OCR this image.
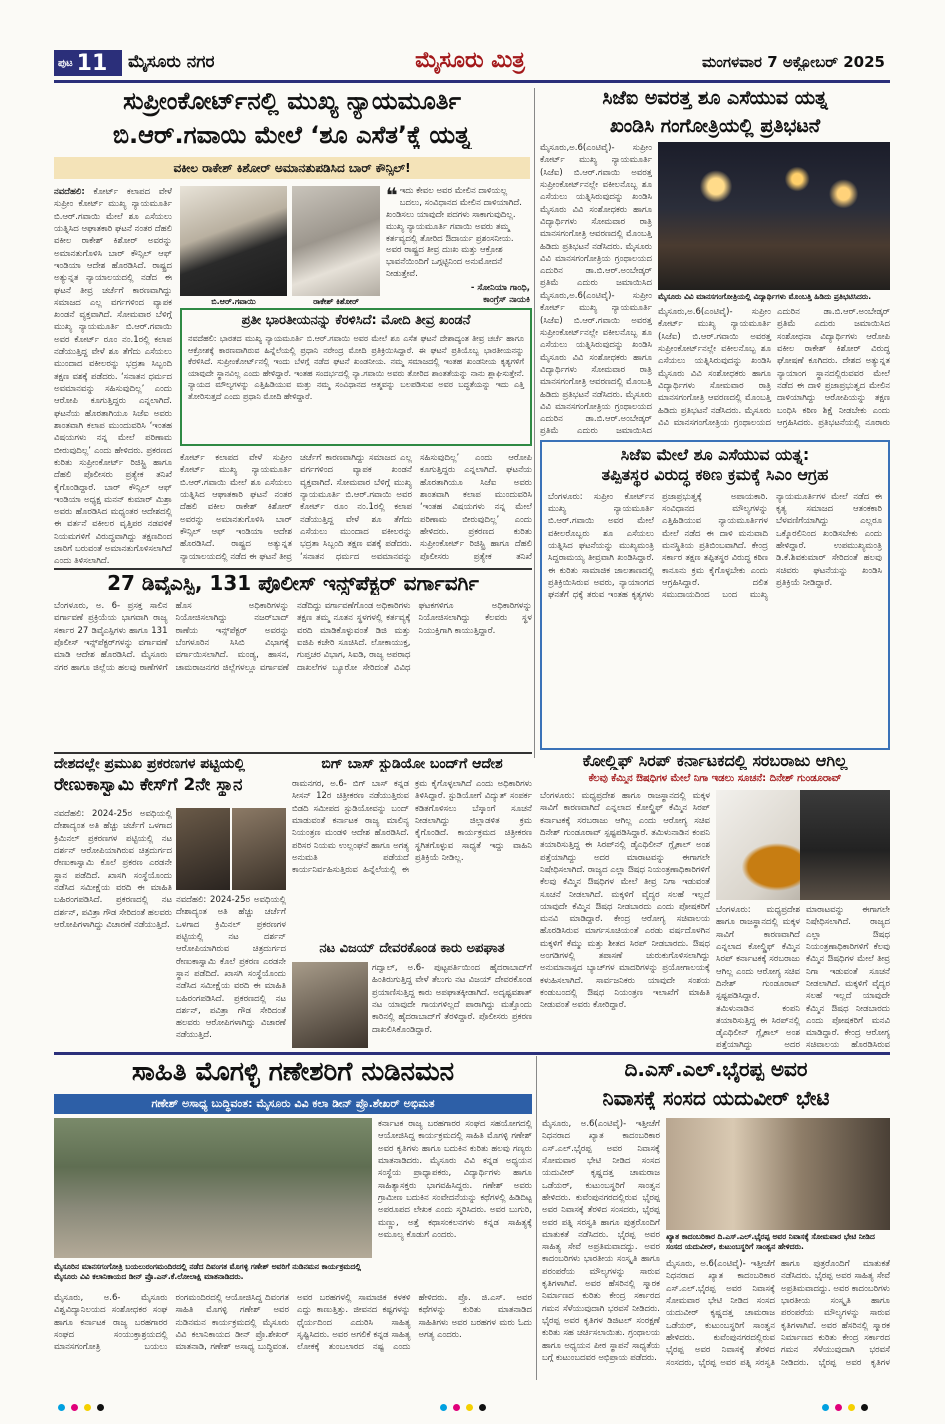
ಪುಟ 11 ಮೈಸೂರು ನಗರ	ಮೈಸೂರು ಮಿತ್ರ	ಮಂಗಳವಾರ 7 ಅಕ್ಟೋಬರ್ 2025
ಸುಪ್ರೀಂಕೋರ್ಟ್‌ನಲ್ಲಿ ಮುಖ್ಯ ನ್ಯಾಯಮೂರ್ತಿ
ಬಿ.ಆರ್.ಗವಾಯಿ ಮೇಲೆ ‘ಶೂ ಎಸೆತ’ಕ್ಕೆ ಯತ್ನ
ವಕೀಲ ರಾಕೇಶ್ ಕಿಶೋರ್ ಅಮಾನತುಪಡಿಸಿದ ಬಾರ್ ಕೌನ್ಸಿಲ್!
ನವದೆಹಲಿ: ಕೋರ್ಟ್ ಕಲಾಪದ ವೇಳೆ ಸುಪ್ರೀಂ ಕೋರ್ಟ್ ಮುಖ್ಯ ನ್ಯಾಯಮೂರ್ತಿ ಬಿ.ಆರ್.ಗವಾಯಿ ಮೇಲೆ ಶೂ ಎಸೆಯಲು ಯತ್ನಿಸಿದ ಆಘಾತಕಾರಿ ಘಟನೆ ನಂತರ ದೆಹಲಿ ವಕೀಲ ರಾಕೇಶ್ ಕಿಶೋರ್ ಅವರನ್ನು ಅಮಾನತುಗೊಳಿಸಿ ಬಾರ್ ಕೌನ್ಸಿಲ್ ಆಫ್ ಇಂಡಿಯಾ ಆದೇಶ ಹೊರಡಿಸಿದೆ. ರಾಷ್ಟ್ರದ ಅತ್ಯುನ್ನತ ನ್ಯಾಯಾಲಯದಲ್ಲಿ ನಡೆದ ಈ ಘಟನೆ ತೀವ್ರ ಚರ್ಚೆಗೆ ಕಾರಣವಾಗಿದ್ದು ಸಮಾಜದ ಎಲ್ಲ ವರ್ಗಗಳಿಂದ ವ್ಯಾಪಕ ಖಂಡನೆ ವ್ಯಕ್ತವಾಗಿದೆ. ಸೋಮವಾರ ಬೆಳಿಗ್ಗೆ ಮುಖ್ಯ ನ್ಯಾಯಮೂರ್ತಿ ಬಿ.ಆರ್.ಗವಾಯಿ ಅವರ ಕೋರ್ಟ್ ರೂಂ ನಂ.1ರಲ್ಲಿ ಕಲಾಪ ನಡೆಯುತ್ತಿದ್ದ ವೇಳೆ ಶೂ ತೆಗೆದು ಎಸೆಯಲು ಮುಂದಾದ ವಕೀಲರನ್ನು ಭದ್ರತಾ ಸಿಬ್ಬಂದಿ ತಕ್ಷಣ ವಶಕ್ಕೆ ಪಡೆದರು. ‘ಸನಾತನ ಧರ್ಮದ ಅವಮಾನವನ್ನು ಸಹಿಸುವುದಿಲ್ಲ’ ಎಂದು ಆರೋಪಿ ಕೂಗುತ್ತಿದ್ದರು ಎನ್ನಲಾಗಿದೆ. ಘಟನೆಯ ಹೊರತಾಗಿಯೂ ಸಿಜೆಐ ಅವರು ಶಾಂತವಾಗಿ ಕಲಾಪ ಮುಂದುವರಿಸಿ ‘ಇಂತಹ ವಿಷಯಗಳು ನನ್ನ ಮೇಲೆ ಪರಿಣಾಮ ಬೀರುವುದಿಲ್ಲ’ ಎಂದು ಹೇಳಿದರು. ಪ್ರಕರಣದ ಕುರಿತು ಸುಪ್ರೀಂಕೋರ್ಟ್ ರಿಜಿಸ್ಟ್ರಿ ಹಾಗೂ ದೆಹಲಿ ಪೊಲೀಸರು ಪ್ರತ್ಯೇಕ ತನಿಖೆ ಕೈಗೊಂಡಿದ್ದಾರೆ. ಬಾರ್ ಕೌನ್ಸಿಲ್ ಆಫ್ ಇಂಡಿಯಾ ಅಧ್ಯಕ್ಷ ಮನನ್ ಕುಮಾರ್ ಮಿಶ್ರಾ ಅವರು ಹೊರಡಿಸಿದ ಮಧ್ಯಂತರ ಆದೇಶದಲ್ಲಿ ಈ ವರ್ತನೆ ವಕೀಲರ ವೃತ್ತಿಪರ ನಡವಳಿಕೆ ನಿಯಮಗಳಿಗೆ ವಿರುದ್ಧವಾಗಿದ್ದು ತಕ್ಷಣದಿಂದ ಜಾರಿಗೆ ಬರುವಂತೆ ಅಮಾನತುಗೊಳಿಸಲಾಗಿದೆ ಎಂದು ತಿಳಿಸಲಾಗಿದೆ.
ಬಿ.ಆರ್.ಗವಾಯಿ	ರಾಕೇಶ್ ಕಿಶೋರ್
❝ ಇದು ಕೇವಲ ಅವರ ಮೇಲಿನ ದಾಳಿಯಲ್ಲ ಬದಲು, ಸಂವಿಧಾನದ ಮೇಲಿನ ದಾಳಿಯಾಗಿದೆ. ಖಂಡಿಸಲು ಯಾವುದೇ ಪದಗಳು ಸಾಕಾಗುವುದಿಲ್ಲ. ಮುಖ್ಯ ನ್ಯಾಯಮೂರ್ತಿ ಗವಾಯಿ ಅವರು ತಮ್ಮ ಕರ್ತವ್ಯದಲ್ಲಿ ತೋರಿದ ಔದಾರ್ಯ ಪ್ರಶಂಸನೀಯ. ಅವರ ರಾಷ್ಟ್ರದ ತೀವ್ರ ದುಃಖ ಮತ್ತು ಆಕ್ರೋಶ ಭಾವನೆಯಿಂದಿಗೆ ಒಗ್ಗಟ್ಟಿನಿಂದ ಅನುಮೋದನೆ ನೀಡುತ್ತೇವೆ.
- ಸೋನಿಯಾ ಗಾಂಧಿ,
ಕಾಂಗ್ರೆಸ್ ನಾಯಕಿ
ಪ್ರತೀ ಭಾರತೀಯನನ್ನು ಕೆರಳಿಸಿದೆ: ಮೋದಿ ತೀವ್ರ ಖಂಡನೆ
ನವದೆಹಲಿ: ಭಾರತದ ಮುಖ್ಯ ನ್ಯಾಯಮೂರ್ತಿ ಬಿ.ಆರ್.ಗವಾಯಿ ಅವರ ಮೇಲೆ ಶೂ ಎಸೆತ ಘಟನೆ ದೇಶಾದ್ಯಂತ ತೀವ್ರ ಚರ್ಚೆ ಹಾಗೂ ಆಕ್ರೋಶಕ್ಕೆ ಕಾರಣವಾಗಿರುವ ಹಿನ್ನೆಲೆಯಲ್ಲಿ ಪ್ರಧಾನಿ ನರೇಂದ್ರ ಮೋದಿ ಪ್ರತಿಕ್ರಿಯಿಸಿದ್ದಾರೆ. ಈ ಘಟನೆ ಪ್ರತಿಯೊಬ್ಬ ಭಾರತೀಯನನ್ನು ಕೆರಳಿಸಿದೆ. ಸುಪ್ರೀಂಕೋರ್ಟ್‌ನಲ್ಲಿ ಇಂದು ಬೆಳಗ್ಗೆ ನಡೆದ ಘಟನೆ ಖಂಡನೀಯ. ನಮ್ಮ ಸಮಾಜದಲ್ಲಿ ಇಂತಹ ಖಂಡನೀಯ ಕೃತ್ಯಗಳಿಗೆ ಯಾವುದೇ ಸ್ಥಾನವಿಲ್ಲ ಎಂದು ಹೇಳಿದ್ದಾರೆ. ಇಂತಹ ಸಂದರ್ಭದಲ್ಲಿ ನ್ಯಾ.ಗವಾಯಿ ಅವರು ತೋರಿದ ಶಾಂತತೆಯನ್ನು ನಾನು ಶ್ಲಾಘಿಸುತ್ತೇನೆ. ನ್ಯಾಯದ ಮೌಲ್ಯಗಳನ್ನು ಎತ್ತಿಹಿಡಿಯುವ ಮತ್ತು ನಮ್ಮ ಸಂವಿಧಾನದ ಆತ್ಮವನ್ನು ಬಲಪಡಿಸುವ ಅವರ ಬದ್ಧತೆಯನ್ನು ಇದು ಎತ್ತಿ ತೋರಿಸುತ್ತದೆ ಎಂದು ಪ್ರಧಾನಿ ಮೋದಿ ಹೇಳಿದ್ದಾರೆ.
ಕೋರ್ಟ್ ಕಲಾಪದ ವೇಳೆ ಸುಪ್ರೀಂ ಕೋರ್ಟ್ ಮುಖ್ಯ ನ್ಯಾಯಮೂರ್ತಿ ಬಿ.ಆರ್.ಗವಾಯಿ ಮೇಲೆ ಶೂ ಎಸೆಯಲು ಯತ್ನಿಸಿದ ಆಘಾತಕಾರಿ ಘಟನೆ ನಂತರ ದೆಹಲಿ ವಕೀಲ ರಾಕೇಶ್ ಕಿಶೋರ್ ಅವರನ್ನು ಅಮಾನತುಗೊಳಿಸಿ ಬಾರ್ ಕೌನ್ಸಿಲ್ ಆಫ್ ಇಂಡಿಯಾ ಆದೇಶ ಹೊರಡಿಸಿದೆ. ರಾಷ್ಟ್ರದ ಅತ್ಯುನ್ನತ ನ್ಯಾಯಾಲಯದಲ್ಲಿ ನಡೆದ ಈ ಘಟನೆ ತೀವ್ರ ಚರ್ಚೆಗೆ ಕಾರಣವಾಗಿದ್ದು ಸಮಾಜದ ಎಲ್ಲ ವರ್ಗಗಳಿಂದ ವ್ಯಾಪಕ ಖಂಡನೆ ವ್ಯಕ್ತವಾಗಿದೆ. ಸೋಮವಾರ ಬೆಳಿಗ್ಗೆ ಮುಖ್ಯ ನ್ಯಾಯಮೂರ್ತಿ ಬಿ.ಆರ್.ಗವಾಯಿ ಅವರ ಕೋರ್ಟ್ ರೂಂ ನಂ.1ರಲ್ಲಿ ಕಲಾಪ ನಡೆಯುತ್ತಿದ್ದ ವೇಳೆ ಶೂ ತೆಗೆದು ಎಸೆಯಲು ಮುಂದಾದ ವಕೀಲರನ್ನು ಭದ್ರತಾ ಸಿಬ್ಬಂದಿ ತಕ್ಷಣ ವಶಕ್ಕೆ ಪಡೆದರು. ‘ಸನಾತನ ಧರ್ಮದ ಅವಮಾನವನ್ನು ಸಹಿಸುವುದಿಲ್ಲ’ ಎಂದು ಆರೋಪಿ ಕೂಗುತ್ತಿದ್ದರು ಎನ್ನಲಾಗಿದೆ. ಘಟನೆಯ ಹೊರತಾಗಿಯೂ ಸಿಜೆಐ ಅವರು ಶಾಂತವಾಗಿ ಕಲಾಪ ಮುಂದುವರಿಸಿ ‘ಇಂತಹ ವಿಷಯಗಳು ನನ್ನ ಮೇಲೆ ಪರಿಣಾಮ ಬೀರುವುದಿಲ್ಲ’ ಎಂದು ಹೇಳಿದರು. ಪ್ರಕರಣದ ಕುರಿತು ಸುಪ್ರೀಂಕೋರ್ಟ್ ರಿಜಿಸ್ಟ್ರಿ ಹಾಗೂ ದೆಹಲಿ ಪೊಲೀಸರು ಪ್ರತ್ಯೇಕ ತನಿಖೆ
ಸಿಜೆಐ ಅವರತ್ತ ಶೂ ಎಸೆಯುವ ಯತ್ನ
ಖಂಡಿಸಿ ಗಂಗೋತ್ರಿಯಲ್ಲಿ ಪ್ರತಿಭಟನೆ
ಮೈಸೂರು,ಅ.6(ಎಂಟಿವೈ)- ಸುಪ್ರೀಂ ಕೋರ್ಟ್ ಮುಖ್ಯ ನ್ಯಾಯಮೂರ್ತಿ (ಸಿಜೆಐ) ಬಿ.ಆರ್.ಗವಾಯಿ ಅವರತ್ತ ಸುಪ್ರೀಂಕೋರ್ಟ್‌ನಲ್ಲೇ ವಕೀಲನೊಬ್ಬ ಶೂ ಎಸೆಯಲು ಯತ್ನಿಸಿರುವುದನ್ನು ಖಂಡಿಸಿ ಮೈಸೂರು ವಿವಿ ಸಂಶೋಧಕರು ಹಾಗೂ ವಿದ್ಯಾರ್ಥಿಗಳು ಸೋಮವಾರ ರಾತ್ರಿ ಮಾನಸಗಂಗೋತ್ರಿ ಆವರಣದಲ್ಲಿ ಮೊಂಬತ್ತಿ ಹಿಡಿದು ಪ್ರತಿಭಟನೆ ನಡೆಸಿದರು. ಮೈಸೂರು ವಿವಿ ಮಾನಸಗಂಗೋತ್ರಿಯ ಗ್ರಂಥಾಲಯದ ಎದುರಿನ ಡಾ.ಬಿ.ಆರ್.ಅಂಬೇಡ್ಕರ್ ಪ್ರತಿಮೆ ಎದುರು ಜಮಾಯಿಸಿದ
ಮೈಸೂರು ವಿವಿ ಮಾನಸಗಂಗೋತ್ರಿಯಲ್ಲಿ ವಿದ್ಯಾರ್ಥಿಗಳು ಮೊಂಬತ್ತಿ ಹಿಡಿದು ಪ್ರತಿಭಟಿಸಿದರು.
ಮೈಸೂರು,ಅ.6(ಎಂಟಿವೈ)- ಸುಪ್ರೀಂ ಕೋರ್ಟ್ ಮುಖ್ಯ ನ್ಯಾಯಮೂರ್ತಿ (ಸಿಜೆಐ) ಬಿ.ಆರ್.ಗವಾಯಿ ಅವರತ್ತ ಸುಪ್ರೀಂಕೋರ್ಟ್‌ನಲ್ಲೇ ವಕೀಲನೊಬ್ಬ ಶೂ ಎಸೆಯಲು ಯತ್ನಿಸಿರುವುದನ್ನು ಖಂಡಿಸಿ ಮೈಸೂರು ವಿವಿ ಸಂಶೋಧಕರು ಹಾಗೂ ವಿದ್ಯಾರ್ಥಿಗಳು ಸೋಮವಾರ ರಾತ್ರಿ ಮಾನಸಗಂಗೋತ್ರಿ ಆವರಣದಲ್ಲಿ ಮೊಂಬತ್ತಿ ಹಿಡಿದು ಪ್ರತಿಭಟನೆ ನಡೆಸಿದರು. ಮೈಸೂರು ವಿವಿ ಮಾನಸಗಂಗೋತ್ರಿಯ ಗ್ರಂಥಾಲಯದ ಎದುರಿನ ಡಾ.ಬಿ.ಆರ್.ಅಂಬೇಡ್ಕರ್ ಪ್ರತಿಮೆ ಎದುರು ಜಮಾಯಿಸಿದ
ಮೈಸೂರು,ಅ.6(ಎಂಟಿವೈ)- ಸುಪ್ರೀಂ ಕೋರ್ಟ್ ಮುಖ್ಯ ನ್ಯಾಯಮೂರ್ತಿ (ಸಿಜೆಐ) ಬಿ.ಆರ್.ಗವಾಯಿ ಅವರತ್ತ ಸುಪ್ರೀಂಕೋರ್ಟ್‌ನಲ್ಲೇ ವಕೀಲನೊಬ್ಬ ಶೂ ಎಸೆಯಲು ಯತ್ನಿಸಿರುವುದನ್ನು ಖಂಡಿಸಿ ಮೈಸೂರು ವಿವಿ ಸಂಶೋಧಕರು ಹಾಗೂ ವಿದ್ಯಾರ್ಥಿಗಳು ಸೋಮವಾರ ರಾತ್ರಿ ಮಾನಸಗಂಗೋತ್ರಿ ಆವರಣದಲ್ಲಿ ಮೊಂಬತ್ತಿ ಹಿಡಿದು ಪ್ರತಿಭಟನೆ ನಡೆಸಿದರು. ಮೈಸೂರು ವಿವಿ ಮಾನಸಗಂಗೋತ್ರಿಯ ಗ್ರಂಥಾಲಯದ ಎದುರಿನ ಡಾ.ಬಿ.ಆರ್.ಅಂಬೇಡ್ಕರ್ ಪ್ರತಿಮೆ ಎದುರು ಜಮಾಯಿಸಿದ ಸಂಶೋಧನಾ ವಿದ್ಯಾರ್ಥಿಗಳು ಆರೋಪಿ ವಕೀಲ ರಾಕೇಶ್ ಕಿಶೋರ್ ವಿರುದ್ಧ ಘೋಷಣೆ ಕೂಗಿದರು. ದೇಶದ ಅತ್ಯುನ್ನತ ನ್ಯಾಯಾಂಗ ಸ್ಥಾನದಲ್ಲಿರುವವರ ಮೇಲೆ ನಡೆದ ಈ ದಾಳಿ ಪ್ರಜಾಪ್ರಭುತ್ವದ ಮೇಲಿನ ದಾಳಿಯಾಗಿದ್ದು ಆರೋಪಿಯನ್ನು ತಕ್ಷಣ ಬಂಧಿಸಿ ಕಠಿಣ ಶಿಕ್ಷೆ ನೀಡಬೇಕು ಎಂದು ಆಗ್ರಹಿಸಿದರು. ಪ್ರತಿಭಟನೆಯಲ್ಲಿ ನೂರಾರು
ಸಿಜೆಐ ಮೇಲೆ ಶೂ ಎಸೆಯುವ ಯತ್ನ:
ತಪ್ಪಿತಸ್ಥರ ವಿರುದ್ಧ ಕಠಿಣ ಕ್ರಮಕ್ಕೆ ಸಿಎಂ ಆಗ್ರಹ
ಬೆಂಗಳೂರು: ಸುಪ್ರೀಂ ಕೋರ್ಟ್‌ನ ಮುಖ್ಯ ನ್ಯಾಯಮೂರ್ತಿ ಬಿ.ಆರ್.ಗವಾಯಿ ಅವರ ಮೇಲೆ ವಕೀಲರೊಬ್ಬರು ಶೂ ಎಸೆಯಲು ಯತ್ನಿಸಿದ ಘಟನೆಯನ್ನು ಮುಖ್ಯಮಂತ್ರಿ ಸಿದ್ದರಾಮಯ್ಯ ತೀವ್ರವಾಗಿ ಖಂಡಿಸಿದ್ದಾರೆ. ಈ ಕುರಿತು ಸಾಮಾಜಿಕ ಜಾಲತಾಣದಲ್ಲಿ ಪ್ರತಿಕ್ರಿಯಿಸಿರುವ ಅವರು, ನ್ಯಾಯಾಂಗದ ಘನತೆಗೆ ಧಕ್ಕೆ ತರುವ ಇಂತಹ ಕೃತ್ಯಗಳು ಪ್ರಜಾಪ್ರಭುತ್ವಕ್ಕೆ ಅಪಾಯಕಾರಿ. ಸಂವಿಧಾನದ ಮೌಲ್ಯಗಳನ್ನು ಎತ್ತಿಹಿಡಿಯುವ ನ್ಯಾಯಮೂರ್ತಿಗಳ ಮೇಲೆ ನಡೆದ ಈ ದಾಳಿ ಮನುವಾದಿ ಮನಸ್ಥಿತಿಯ ಪ್ರತಿಬಿಂಬವಾಗಿದೆ. ಕೇಂದ್ರ ಸರ್ಕಾರ ತಕ್ಷಣ ತಪ್ಪಿತಸ್ಥರ ವಿರುದ್ಧ ಕಠಿಣ ಕಾನೂನು ಕ್ರಮ ಕೈಗೊಳ್ಳಬೇಕು ಎಂದು ಆಗ್ರಹಿಸಿದ್ದಾರೆ. ದಲಿತ ಸಮುದಾಯದಿಂದ ಬಂದ ಮುಖ್ಯ ನ್ಯಾಯಮೂರ್ತಿಗಳ ಮೇಲೆ ನಡೆದ ಈ ಕೃತ್ಯ ಸಮಾಜದ ಆತಂಕಕಾರಿ ಬೆಳವಣಿಗೆಯಾಗಿದ್ದು ಎಲ್ಲರೂ ಒಕ್ಕೊರಲಿನಿಂದ ಖಂಡಿಸಬೇಕು ಎಂದು ಹೇಳಿದ್ದಾರೆ. ಉಪಮುಖ್ಯಮಂತ್ರಿ ಡಿ.ಕೆ.ಶಿವಕುಮಾರ್ ಸೇರಿದಂತೆ ಹಲವು ಸಚಿವರು ಘಟನೆಯನ್ನು ಖಂಡಿಸಿ ಪ್ರತಿಕ್ರಿಯೆ ನೀಡಿದ್ದಾರೆ.
27 ಡಿವೈಎಸ್ಪಿ, 131 ಪೊಲೀಸ್ ಇನ್ಸ್‌ಪೆಕ್ಟರ್ ವರ್ಗಾವರ್ಗಿ
ಬೆಂಗಳೂರು, ಅ. 6- ಪ್ರಸಕ್ತ ಸಾಲಿನ ವರ್ಗಾವಣೆ ಪ್ರಕ್ರಿಯೆಯ ಭಾಗವಾಗಿ ರಾಜ್ಯ ಸರ್ಕಾರ 27 ಡಿವೈಎಸ್ಪಿಗಳು ಹಾಗೂ 131 ಪೊಲೀಸ್ ಇನ್ಸ್‌ಪೆಕ್ಟರ್‌ಗಳನ್ನು ವರ್ಗಾವಣೆ ಮಾಡಿ ಆದೇಶ ಹೊರಡಿಸಿದೆ. ಮೈಸೂರು ನಗರ ಹಾಗೂ ಜಿಲ್ಲೆಯ ಹಲವು ಠಾಣೆಗಳಿಗೆ ಹೊಸ ಅಧಿಕಾರಿಗಳನ್ನು ನಿಯೋಜಿಸಲಾಗಿದ್ದು ನಜರ್‌ಬಾದ್ ಠಾಣೆಯ ಇನ್ಸ್‌ಪೆಕ್ಟರ್ ಅವರನ್ನು ಬೆಂಗಳೂರಿನ ಸಿಸಿಬಿ ವಿಭಾಗಕ್ಕೆ ವರ್ಗಾಯಿಸಲಾಗಿದೆ. ಮಂಡ್ಯ, ಹಾಸನ, ಚಾಮರಾಜನಗರ ಜಿಲ್ಲೆಗಳಲ್ಲೂ ವರ್ಗಾವಣೆ ನಡೆದಿದ್ದು ವರ್ಗಾವಣೆಗೊಂಡ ಅಧಿಕಾರಿಗಳು ತಕ್ಷಣ ತಮ್ಮ ನೂತನ ಸ್ಥಳಗಳಲ್ಲಿ ಕರ್ತವ್ಯಕ್ಕೆ ವರದಿ ಮಾಡಿಕೊಳ್ಳುವಂತೆ ಡಿಜಿ ಮತ್ತು ಐಜಿಪಿ ಕಚೇರಿ ಸೂಚಿಸಿದೆ. ಲೋಕಾಯುಕ್ತ, ಗುಪ್ತಚರ ವಿಭಾಗ, ಸಿಐಡಿ, ರಾಜ್ಯ ಅಪರಾಧ ದಾಖಲೆಗಳ ಬ್ಯೂರೋ ಸೇರಿದಂತೆ ವಿವಿಧ ಘಟಕಗಳಿಗೂ ಅಧಿಕಾರಿಗಳನ್ನು ನಿಯೋಜಿಸಲಾಗಿದ್ದು ಕೆಲವರು ಸ್ಥಳ ನಿಯುಕ್ತಿಗಾಗಿ ಕಾಯುತ್ತಿದ್ದಾರೆ.
ಕೋಲ್ಡ್ರಿಫ್ ಸಿರಪ್ ಕರ್ನಾಟಕದಲ್ಲಿ ಸರಬರಾಜು ಆಗಿಲ್ಲ
ಕೆಲವು ಕೆಮ್ಮಿನ ಔಷಧಿಗಳ ಮೇಲೆ ನಿಗಾ ಇಡಲು ಸೂಚನೆ: ದಿನೇಶ್ ಗುಂಡೂರಾವ್
ಬೆಂಗಳೂರು: ಮಧ್ಯಪ್ರದೇಶ ಹಾಗೂ ರಾಜಸ್ಥಾನದಲ್ಲಿ ಮಕ್ಕಳ ಸಾವಿಗೆ ಕಾರಣವಾಗಿದೆ ಎನ್ನಲಾದ ಕೋಲ್ಡ್ರಿಫ್ ಕೆಮ್ಮಿನ ಸಿರಪ್ ಕರ್ನಾಟಕಕ್ಕೆ ಸರಬರಾಜು ಆಗಿಲ್ಲ ಎಂದು ಆರೋಗ್ಯ ಸಚಿವ ದಿನೇಶ್ ಗುಂಡೂರಾವ್ ಸ್ಪಷ್ಟಪಡಿಸಿದ್ದಾರೆ. ತಮಿಳುನಾಡಿನ ಕಂಪನಿ ತಯಾರಿಸುತ್ತಿದ್ದ ಈ ಸಿರಪ್‌ನಲ್ಲಿ ಡೈಎಥಿಲೀನ್ ಗ್ಲೈಕಾಲ್ ಅಂಶ ಪತ್ತೆಯಾಗಿದ್ದು ಅದರ ಮಾರಾಟವನ್ನು ಈಗಾಗಲೇ ನಿಷೇಧಿಸಲಾಗಿದೆ. ರಾಜ್ಯದ ಎಲ್ಲಾ ಔಷಧ ನಿಯಂತ್ರಣಾಧಿಕಾರಿಗಳಿಗೆ ಕೆಲವು ಕೆಮ್ಮಿನ ಔಷಧಿಗಳ ಮೇಲೆ ತೀವ್ರ ನಿಗಾ ಇಡುವಂತೆ ಸೂಚನೆ ನೀಡಲಾಗಿದೆ. ಮಕ್ಕಳಿಗೆ ವೈದ್ಯರ ಸಲಹೆ ಇಲ್ಲದೆ ಯಾವುದೇ ಕೆಮ್ಮಿನ ಔಷಧ ನೀಡಬಾರದು ಎಂದು ಪೋಷಕರಿಗೆ ಮನವಿ ಮಾಡಿದ್ದಾರೆ. ಕೇಂದ್ರ ಆರೋಗ್ಯ ಸಚಿವಾಲಯ ಹೊರಡಿಸಿರುವ ಮಾರ್ಗಸೂಚಿಯಂತೆ ಎರಡು ವರ್ಷದೊಳಗಿನ ಮಕ್ಕಳಿಗೆ ಕೆಮ್ಮು ಮತ್ತು ಶೀತದ ಸಿರಪ್ ನೀಡಬಾರದು. ಔಷಧ ಅಂಗಡಿಗಳಲ್ಲಿ ತಪಾಸಣೆ ಚುರುಕುಗೊಳಿಸಲಾಗಿದ್ದು ಅನುಮಾನಾಸ್ಪದ ಬ್ಯಾಚ್‌ಗಳ ಮಾದರಿಗಳನ್ನು ಪ್ರಯೋಗಾಲಯಕ್ಕೆ ಕಳುಹಿಸಲಾಗಿದೆ. ಸಾರ್ವಜನಿಕರು ಯಾವುದೇ ಸಂಶಯ ಕಂಡುಬಂದಲ್ಲಿ ಔಷಧ ನಿಯಂತ್ರಣ ಇಲಾಖೆಗೆ ಮಾಹಿತಿ ನೀಡುವಂತೆ ಅವರು ಕೋರಿದ್ದಾರೆ.
ಬೆಂಗಳೂರು: ಮಧ್ಯಪ್ರದೇಶ ಹಾಗೂ ರಾಜಸ್ಥಾನದಲ್ಲಿ ಮಕ್ಕಳ ಸಾವಿಗೆ ಕಾರಣವಾಗಿದೆ ಎನ್ನಲಾದ ಕೋಲ್ಡ್ರಿಫ್ ಕೆಮ್ಮಿನ ಸಿರಪ್ ಕರ್ನಾಟಕಕ್ಕೆ ಸರಬರಾಜು ಆಗಿಲ್ಲ ಎಂದು ಆರೋಗ್ಯ ಸಚಿವ ದಿನೇಶ್ ಗುಂಡೂರಾವ್ ಸ್ಪಷ್ಟಪಡಿಸಿದ್ದಾರೆ. ತಮಿಳುನಾಡಿನ ಕಂಪನಿ ತಯಾರಿಸುತ್ತಿದ್ದ ಈ ಸಿರಪ್‌ನಲ್ಲಿ ಡೈಎಥಿಲೀನ್ ಗ್ಲೈಕಾಲ್ ಅಂಶ ಪತ್ತೆಯಾಗಿದ್ದು ಅದರ ಮಾರಾಟವನ್ನು ಈಗಾಗಲೇ ನಿಷೇಧಿಸಲಾಗಿದೆ. ರಾಜ್ಯದ ಎಲ್ಲಾ ಔಷಧ ನಿಯಂತ್ರಣಾಧಿಕಾರಿಗಳಿಗೆ ಕೆಲವು ಕೆಮ್ಮಿನ ಔಷಧಿಗಳ ಮೇಲೆ ತೀವ್ರ ನಿಗಾ ಇಡುವಂತೆ ಸೂಚನೆ ನೀಡಲಾಗಿದೆ. ಮಕ್ಕಳಿಗೆ ವೈದ್ಯರ ಸಲಹೆ ಇಲ್ಲದೆ ಯಾವುದೇ ಕೆಮ್ಮಿನ ಔಷಧ ನೀಡಬಾರದು ಎಂದು ಪೋಷಕರಿಗೆ ಮನವಿ ಮಾಡಿದ್ದಾರೆ. ಕೇಂದ್ರ ಆರೋಗ್ಯ ಸಚಿವಾಲಯ ಹೊರಡಿಸಿರುವ
ದೇಶದಲ್ಲೇ ಪ್ರಮುಖ ಪ್ರಕರಣಗಳ ಪಟ್ಟಿಯಲ್ಲಿ
ರೇಣುಕಾಸ್ವಾಮಿ ಕೇಸ್‌ಗೆ 2ನೇ ಸ್ಥಾನ
ನವದೆಹಲಿ: 2024-25ರ ಅವಧಿಯಲ್ಲಿ ದೇಶಾದ್ಯಂತ ಅತಿ ಹೆಚ್ಚು ಚರ್ಚೆಗೆ ಒಳಗಾದ ಕ್ರಿಮಿನಲ್ ಪ್ರಕರಣಗಳ ಪಟ್ಟಿಯಲ್ಲಿ ನಟ ದರ್ಶನ್ ಆರೋಪಿಯಾಗಿರುವ ಚಿತ್ರದುರ್ಗದ ರೇಣುಕಾಸ್ವಾಮಿ ಕೊಲೆ ಪ್ರಕರಣ ಎರಡನೇ ಸ್ಥಾನ ಪಡೆದಿದೆ. ಖಾಸಗಿ ಸಂಸ್ಥೆಯೊಂದು ನಡೆಸಿದ ಸಮೀಕ್ಷೆಯ ವರದಿ ಈ ಮಾಹಿತಿ ಬಹಿರಂಗಪಡಿಸಿದೆ. ಪ್ರಕರಣದಲ್ಲಿ ನಟ ದರ್ಶನ್, ಪವಿತ್ರಾ ಗೌಡ ಸೇರಿದಂತೆ ಹಲವರು ಆರೋಪಿಗಳಾಗಿದ್ದು ವಿಚಾರಣೆ ನಡೆಯುತ್ತಿದೆ.
ನವದೆಹಲಿ: 2024-25ರ ಅವಧಿಯಲ್ಲಿ ದೇಶಾದ್ಯಂತ ಅತಿ ಹೆಚ್ಚು ಚರ್ಚೆಗೆ ಒಳಗಾದ ಕ್ರಿಮಿನಲ್ ಪ್ರಕರಣಗಳ ಪಟ್ಟಿಯಲ್ಲಿ ನಟ ದರ್ಶನ್ ಆರೋಪಿಯಾಗಿರುವ ಚಿತ್ರದುರ್ಗದ ರೇಣುಕಾಸ್ವಾಮಿ ಕೊಲೆ ಪ್ರಕರಣ ಎರಡನೇ ಸ್ಥಾನ ಪಡೆದಿದೆ. ಖಾಸಗಿ ಸಂಸ್ಥೆಯೊಂದು ನಡೆಸಿದ ಸಮೀಕ್ಷೆಯ ವರದಿ ಈ ಮಾಹಿತಿ ಬಹಿರಂಗಪಡಿಸಿದೆ. ಪ್ರಕರಣದಲ್ಲಿ ನಟ ದರ್ಶನ್, ಪವಿತ್ರಾ ಗೌಡ ಸೇರಿದಂತೆ ಹಲವರು ಆರೋಪಿಗಳಾಗಿದ್ದು ವಿಚಾರಣೆ ನಡೆಯುತ್ತಿದೆ.
ಬಿಗ್ ಬಾಸ್ ಸ್ಟುಡಿಯೋ ಬಂದ್‌ಗೆ ಆದೇಶ
ರಾಮನಗರ, ಅ.6- ಬಿಗ್ ಬಾಸ್ ಕನ್ನಡ ಸೀಸನ್ 12ರ ಚಿತ್ರೀಕರಣ ನಡೆಯುತ್ತಿರುವ ಬಿಡದಿ ಸಮೀಪದ ಸ್ಟುಡಿಯೋವನ್ನು ಬಂದ್ ಮಾಡುವಂತೆ ಕರ್ನಾಟಕ ರಾಜ್ಯ ಮಾಲಿನ್ಯ ನಿಯಂತ್ರಣ ಮಂಡಳಿ ಆದೇಶ ಹೊರಡಿಸಿದೆ. ಪರಿಸರ ನಿಯಮ ಉಲ್ಲಂಘನೆ ಹಾಗೂ ಅಗತ್ಯ ಅನುಮತಿ ಪಡೆಯದೆ ಕಾರ್ಯನಿರ್ವಹಿಸುತ್ತಿರುವ ಹಿನ್ನೆಲೆಯಲ್ಲಿ ಈ ಕ್ರಮ ಕೈಗೊಳ್ಳಲಾಗಿದೆ ಎಂದು ಅಧಿಕಾರಿಗಳು ತಿಳಿಸಿದ್ದಾರೆ. ಸ್ಟುಡಿಯೋಗೆ ವಿದ್ಯುತ್ ಸಂಪರ್ಕ ಕಡಿತಗೊಳಿಸಲು ಬೆಸ್ಕಾಂಗೆ ಸೂಚನೆ ನೀಡಲಾಗಿದ್ದು ಜಿಲ್ಲಾಡಳಿತ ಕ್ರಮ ಕೈಗೊಂಡಿದೆ. ಕಾರ್ಯಕ್ರಮದ ಚಿತ್ರೀಕರಣ ಸ್ಥಗಿತಗೊಳ್ಳುವ ಸಾಧ್ಯತೆ ಇದ್ದು ವಾಹಿನಿ ಪ್ರತಿಕ್ರಿಯೆ ನೀಡಿಲ್ಲ.
ನಟ ವಿಜಯ್ ದೇವರಕೊಂಡ ಕಾರು ಅಪಘಾತ
ಗದ್ವಾಲ್, ಅ.6- ಪುಟ್ಟಪರ್ತಿಯಿಂದ ಹೈದರಾಬಾದ್‌ಗೆ ಹಿಂತಿರುಗುತ್ತಿದ್ದ ವೇಳೆ ತೆಲುಗು ನಟ ವಿಜಯ್ ದೇವರಕೊಂಡ ಪ್ರಯಾಣಿಸುತ್ತಿದ್ದ ಕಾರು ಅಪಘಾತಕ್ಕೀಡಾಗಿದೆ. ಅದೃಷ್ಟವಶಾತ್ ನಟ ಯಾವುದೇ ಗಾಯಗಳಿಲ್ಲದೆ ಪಾರಾಗಿದ್ದು ಮತ್ತೊಂದು ಕಾರಿನಲ್ಲಿ ಹೈದರಾಬಾದ್‌ಗೆ ತೆರಳಿದ್ದಾರೆ. ಪೊಲೀಸರು ಪ್ರಕರಣ ದಾಖಲಿಸಿಕೊಂಡಿದ್ದಾರೆ.
ಸಾಹಿತಿ ಮೊಗಳ್ಳಿ ಗಣೇಶರಿಗೆ ನುಡಿನಮನ
ಗಣೇಶ್ ಅಸಾಧ್ಯ ಬುದ್ಧಿವಂತ: ಮೈಸೂರು ವಿವಿ ಕಲಾ ಡೀನ್ ಪ್ರೊ.ಶೇಖರ್ ಅಭಿಮತ
ಮೈಸೂರಿನ ಮಾನಸಗಂಗೋತ್ರಿ ಬಯಲುರಂಗಮಂದಿರದಲ್ಲಿ ನಡೆದ ದಿವಂಗತ ಮೊಗಳ್ಳಿ ಗಣೇಶ್ ಅವರಿಗೆ ನುಡಿನಮನ ಕಾರ್ಯಕ್ರಮದಲ್ಲಿ ಮೈಸೂರು ವಿವಿ ಕಲಾನಿಕಾಯದ ಡೀನ್ ಪ್ರೊ.ಎನ್.ಕೆ.ಲೋಲಾಕ್ಷಿ ಮಾತನಾಡಿದರು.
ಕರ್ನಾಟಕ ರಾಜ್ಯ ಬರಹಗಾರರ ಸಂಘದ ಸಹಯೋಗದಲ್ಲಿ ಆಯೋಜಿಸಿದ್ದ ಕಾರ್ಯಕ್ರಮದಲ್ಲಿ ಸಾಹಿತಿ ಮೊಗಳ್ಳಿ ಗಣೇಶ್ ಅವರ ಕೃತಿಗಳು ಹಾಗೂ ಬದುಕಿನ ಕುರಿತು ಹಲವು ಗಣ್ಯರು ಮಾತನಾಡಿದರು. ಮೈಸೂರು ವಿವಿ ಕನ್ನಡ ಅಧ್ಯಯನ ಸಂಸ್ಥೆಯ ಪ್ರಾಧ್ಯಾಪಕರು, ವಿದ್ಯಾರ್ಥಿಗಳು ಹಾಗೂ ಸಾಹಿತ್ಯಾಸಕ್ತರು ಭಾಗವಹಿಸಿದ್ದರು. ಗಣೇಶ್ ಅವರು ಗ್ರಾಮೀಣ ಬದುಕಿನ ಸಂವೇದನೆಯನ್ನು ಕಥೆಗಳಲ್ಲಿ ಹಿಡಿದಿಟ್ಟ ಅಪರೂಪದ ಲೇಖಕ ಎಂದು ಸ್ಮರಿಸಿದರು. ಅವರ ಬುಗುರಿ, ಮಣ್ಣು, ಅತ್ತೆ ಕಥಾಸಂಕಲನಗಳು ಕನ್ನಡ ಸಾಹಿತ್ಯಕ್ಕೆ ಅಮೂಲ್ಯ ಕೊಡುಗೆ ಎಂದರು.
ಮೈಸೂರು, ಅ.6- ಮೈಸೂರು ವಿಶ್ವವಿದ್ಯಾನಿಲಯದ ಸಂಶೋಧಕರ ಸಂಘ ಹಾಗೂ ಕರ್ನಾಟಕ ರಾಜ್ಯ ಬರಹಗಾರರ ಸಂಘದ ಸಂಯುಕ್ತಾಶ್ರಯದಲ್ಲಿ ಮಾನಸಗಂಗೋತ್ರಿ ಬಯಲು ರಂಗಮಂದಿರದಲ್ಲಿ ಆಯೋಜಿಸಿದ್ದ ದಿವಂಗತ ಸಾಹಿತಿ ಮೊಗಳ್ಳಿ ಗಣೇಶ್ ಅವರ ನುಡಿನಮನ ಕಾರ್ಯಕ್ರಮದಲ್ಲಿ ಮೈಸೂರು ವಿವಿ ಕಲಾನಿಕಾಯದ ಡೀನ್ ಪ್ರೊ.ಶೇಖರ್ ಮಾತನಾಡಿ, ಗಣೇಶ್ ಅಸಾಧ್ಯ ಬುದ್ಧಿವಂತ. ಅವರ ಬರಹಗಳಲ್ಲಿ ಸಾಮಾಜಿಕ ಕಳಕಳಿ ಎದ್ದು ಕಾಣುತ್ತಿತ್ತು. ಜೀವನದ ಕಷ್ಟಗಳನ್ನು ಧೈರ್ಯದಿಂದ ಎದುರಿಸಿ ಸಾಹಿತ್ಯ ಸೃಷ್ಟಿಸಿದರು. ಅವರ ಅಗಲಿಕೆ ಕನ್ನಡ ಸಾಹಿತ್ಯ ಲೋಕಕ್ಕೆ ತುಂಬಲಾರದ ನಷ್ಟ ಎಂದು ಹೇಳಿದರು. ಪ್ರೊ. ಜಿ.ಎಸ್. ಅವರ ಕಥೆಗಳನ್ನು ಕುರಿತು ಮಾತನಾಡಿದ ಸಾಹಿತಿಗಳು ಅವರ ಬರಹಗಳ ಮರು ಓದು ಅಗತ್ಯ ಎಂದರು.
ದಿ.ಎಸ್.ಎಲ್.ಭೈರಪ್ಪ ಅವರ
ನಿವಾಸಕ್ಕೆ ಸಂಸದ ಯದುವೀರ್ ಭೇಟಿ
ಮೈಸೂರು, ಅ.6(ಎಂಟಿವೈ)- ಇತ್ತೀಚೆಗೆ ನಿಧನರಾದ ಖ್ಯಾತ ಕಾದಂಬರಿಕಾರ ಎಸ್.ಎಲ್.ಭೈರಪ್ಪ ಅವರ ನಿವಾಸಕ್ಕೆ ಸೋಮವಾರ ಭೇಟಿ ನೀಡಿದ ಸಂಸದ ಯದುವೀರ್ ಕೃಷ್ಣದತ್ತ ಚಾಮರಾಜ ಒಡೆಯರ್, ಕುಟುಂಬಸ್ಥರಿಗೆ ಸಾಂತ್ವನ ಹೇಳಿದರು. ಕುವೆಂಪುನಗರದಲ್ಲಿರುವ ಭೈರಪ್ಪ ಅವರ ನಿವಾಸಕ್ಕೆ ತೆರಳಿದ ಸಂಸದರು, ಭೈರಪ್ಪ ಅವರ ಪತ್ನಿ ಸರಸ್ವತಿ ಹಾಗೂ ಪುತ್ರರೊಂದಿಗೆ ಮಾತುಕತೆ ನಡೆಸಿದರು. ಭೈರಪ್ಪ ಅವರ ಸಾಹಿತ್ಯ ಸೇವೆ ಅಪ್ರತಿಮವಾದದ್ದು. ಅವರ ಕಾದಂಬರಿಗಳು ಭಾರತೀಯ ಸಂಸ್ಕೃತಿ ಹಾಗೂ ಪರಂಪರೆಯ ಮೌಲ್ಯಗಳನ್ನು ಸಾರುವ ಕೃತಿಗಳಾಗಿವೆ. ಅವರ ಹೆಸರಿನಲ್ಲಿ ಸ್ಮಾರಕ ನಿರ್ಮಾಣದ ಕುರಿತು ಕೇಂದ್ರ ಸರ್ಕಾರದ ಗಮನ ಸೆಳೆಯುವುದಾಗಿ ಭರವಸೆ ನೀಡಿದರು. ಭೈರಪ್ಪ ಅವರ ಕೃತಿಗಳ ಡಿಜಿಟಲ್ ಸಂರಕ್ಷಣೆ ಕುರಿತು ಸಹ ಚರ್ಚಿಸಲಾಯಿತು. ಗ್ರಂಥಾಲಯ ಹಾಗೂ ಅಧ್ಯಯನ ಪೀಠ ಸ್ಥಾಪನೆ ಸಾಧ್ಯತೆಯ ಬಗ್ಗೆ ಕುಟುಂಬದವರ ಅಭಿಪ್ರಾಯ ಪಡೆದರು.
ಖ್ಯಾತ ಕಾದಂಬರಿಕಾರ ದಿ.ಎಸ್.ಎಲ್.ಭೈರಪ್ಪ ಅವರ ನಿವಾಸಕ್ಕೆ ಸೋಮವಾರ ಭೇಟಿ ನೀಡಿದ ಸಂಸದ ಯದುವೀರ್, ಕುಟುಂಬಸ್ಥರಿಗೆ ಸಾಂತ್ವನ ಹೇಳಿದರು.
ಮೈಸೂರು, ಅ.6(ಎಂಟಿವೈ)- ಇತ್ತೀಚೆಗೆ ನಿಧನರಾದ ಖ್ಯಾತ ಕಾದಂಬರಿಕಾರ ಎಸ್.ಎಲ್.ಭೈರಪ್ಪ ಅವರ ನಿವಾಸಕ್ಕೆ ಸೋಮವಾರ ಭೇಟಿ ನೀಡಿದ ಸಂಸದ ಯದುವೀರ್ ಕೃಷ್ಣದತ್ತ ಚಾಮರಾಜ ಒಡೆಯರ್, ಕುಟುಂಬಸ್ಥರಿಗೆ ಸಾಂತ್ವನ ಹೇಳಿದರು. ಕುವೆಂಪುನಗರದಲ್ಲಿರುವ ಭೈರಪ್ಪ ಅವರ ನಿವಾಸಕ್ಕೆ ತೆರಳಿದ ಸಂಸದರು, ಭೈರಪ್ಪ ಅವರ ಪತ್ನಿ ಸರಸ್ವತಿ ಹಾಗೂ ಪುತ್ರರೊಂದಿಗೆ ಮಾತುಕತೆ ನಡೆಸಿದರು. ಭೈರಪ್ಪ ಅವರ ಸಾಹಿತ್ಯ ಸೇವೆ ಅಪ್ರತಿಮವಾದದ್ದು. ಅವರ ಕಾದಂಬರಿಗಳು ಭಾರತೀಯ ಸಂಸ್ಕೃತಿ ಹಾಗೂ ಪರಂಪರೆಯ ಮೌಲ್ಯಗಳನ್ನು ಸಾರುವ ಕೃತಿಗಳಾಗಿವೆ. ಅವರ ಹೆಸರಿನಲ್ಲಿ ಸ್ಮಾರಕ ನಿರ್ಮಾಣದ ಕುರಿತು ಕೇಂದ್ರ ಸರ್ಕಾರದ ಗಮನ ಸೆಳೆಯುವುದಾಗಿ ಭರವಸೆ ನೀಡಿದರು. ಭೈರಪ್ಪ ಅವರ ಕೃತಿಗಳ
